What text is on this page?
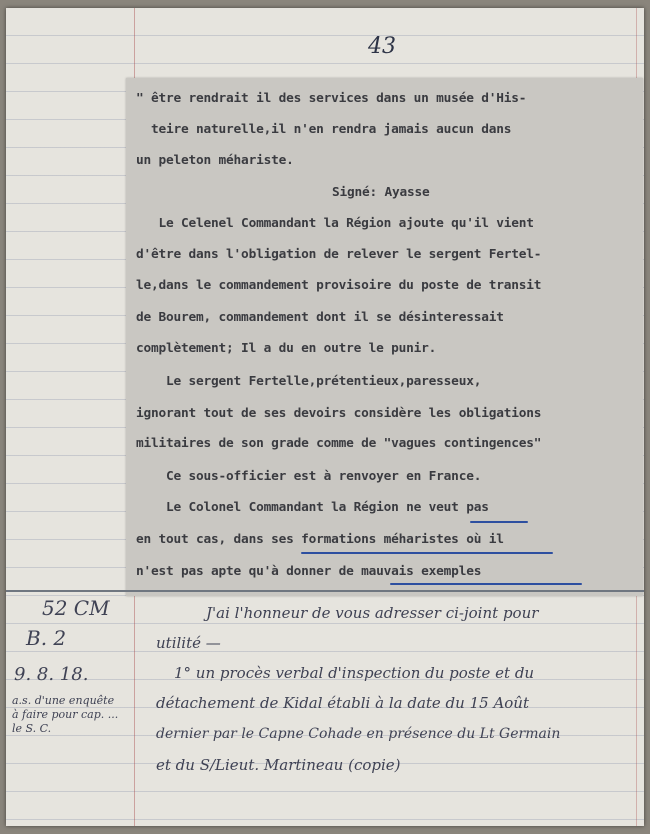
43
" être rendrait il des services dans un musée d'His-
teire naturelle,il n'en rendra jamais aucun dans
un peleton méhariste.
Signé: Ayasse
Le Celenel Commandant la Région ajoute qu'il vient
d'être dans l'obligation de relever le sergent Fertel-
le,dans le commandement provisoire du poste de transit
de Bourem, commandement dont il se désinteressait
complètement; Il a du en outre le punir.
Le sergent Fertelle,prétentieux,paresseux,
ignorant tout de ses devoirs considère les obligations
militaires de son grade comme de "vagues contingences"
Ce sous-officier est à renvoyer en France.
Le Colonel Commandant la Région ne veut pas
en tout cas, dans ses formations méharistes où il
n'est pas apte qu'à donner de mauvais exemples
52 CM
B. 2
9. 8. 18.
a.s. d'une enquête à faire pour cap. ... le S. C.
J'ai l'honneur de vous adresser ci-joint pour
utilité —
1° un procès verbal d'inspection du poste et du
détachement de Kidal établi à la date du 15 Août
dernier par le Capne Cohade en présence du Lt Germain
et du S/Lieut. Martineau (copie)
